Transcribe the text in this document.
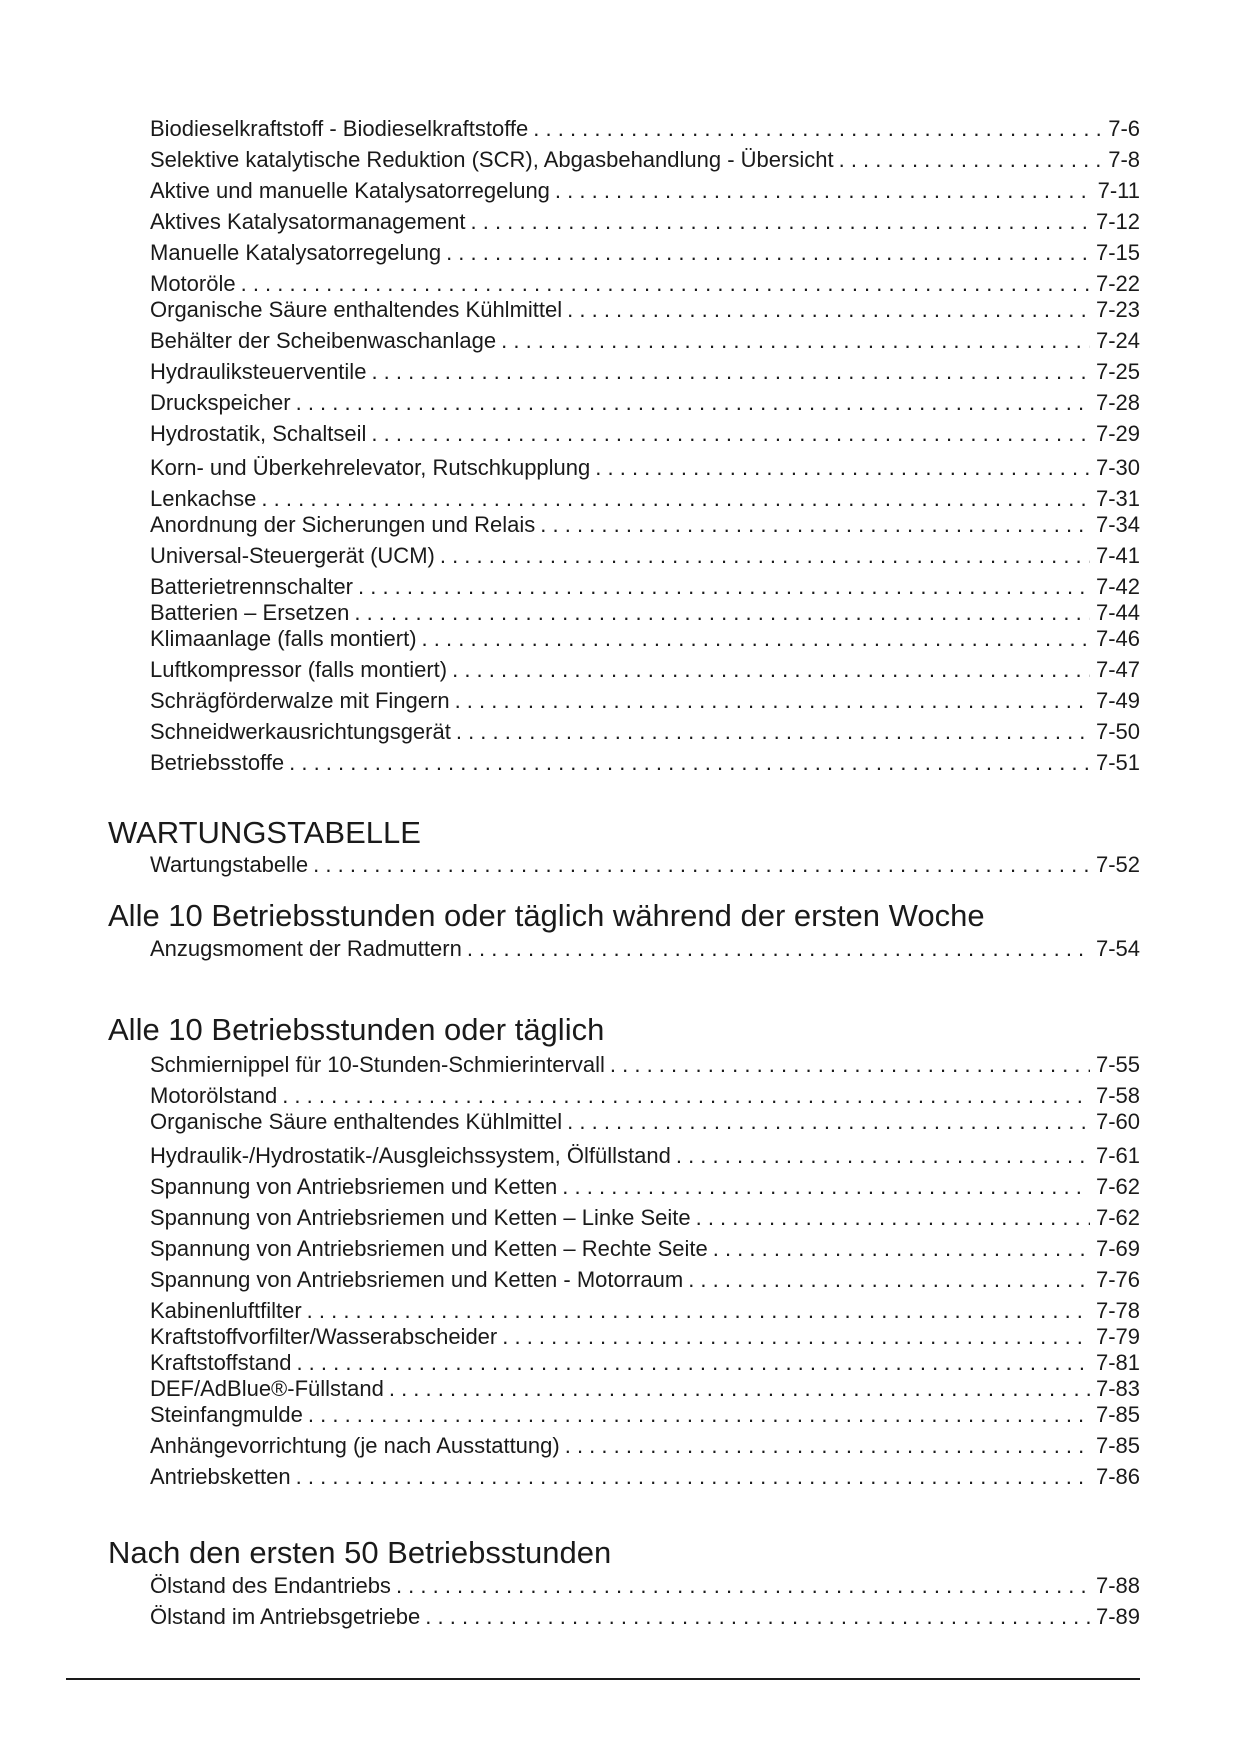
Biodieselkraftstoff - Biodieselkraftstoffe . . .	7-6
Selektive katalytische Reduktion (SCR), Abgasbehandlung - Übersicht . . .	7-8
Aktive und manuelle Katalysatorregelung . . .	7-11
Aktives Katalysatormanagement . . .	7-12
Manuelle Katalysatorregelung . . .	7-15
Motoröle . . .	7-22
Organische Säure enthaltendes Kühlmittel . . .	7-23
Behälter der Scheibenwaschanlage . . .	7-24
Hydrauliksteuerventile . . .	7-25
Druckspeicher . . .	7-28
Hydrostatik, Schaltseil . . .	7-29
Korn- und Überkehrelevator, Rutschkupplung . . .	7-30
Lenkachse . . .	7-31
Anordnung der Sicherungen und Relais . . .	7-34
Universal-Steuergerät (UCM) . . .	7-41
Batterietrennschalter . . .	7-42
Batterien – Ersetzen . . .	7-44
Klimaanlage (falls montiert) . . .	7-46
Luftkompressor (falls montiert) . . .	7-47
Schrägförderwalze mit Fingern . . .	7-49
Schneidwerkausrichtungsgerät . . .	7-50
Betriebsstoffe . . .	7-51
WARTUNGSTABELLE
Wartungstabelle . . .	7-52
Alle 10 Betriebsstunden oder täglich während der ersten Woche
Anzugsmoment der Radmuttern . . .	7-54
Alle 10 Betriebsstunden oder täglich
Schmiernippel für 10-Stunden-Schmierintervall . . .	7-55
Motorölstand . . .	7-58
Organische Säure enthaltendes Kühlmittel . . .	7-60
Hydraulik-/Hydrostatik-/Ausgleichssystem, Ölfüllstand . . .	7-61
Spannung von Antriebsriemen und Ketten . . .	7-62
Spannung von Antriebsriemen und Ketten – Linke Seite . . .	7-62
Spannung von Antriebsriemen und Ketten – Rechte Seite . . .	7-69
Spannung von Antriebsriemen und Ketten - Motorraum . . .	7-76
Kabinenluftfilter . . .	7-78
Kraftstoffvorfilter/Wasserabscheider . . .	7-79
Kraftstoffstand . . .	7-81
DEF/AdBlue®-Füllstand . . .	7-83
Steinfangmulde . . .	7-85
Anhängevorrichtung (je nach Ausstattung) . . .	7-85
Antriebsketten . . .	7-86
Nach den ersten 50 Betriebsstunden
Ölstand des Endantriebs . . .	7-88
Ölstand im Antriebsgetriebe . . .	7-89
